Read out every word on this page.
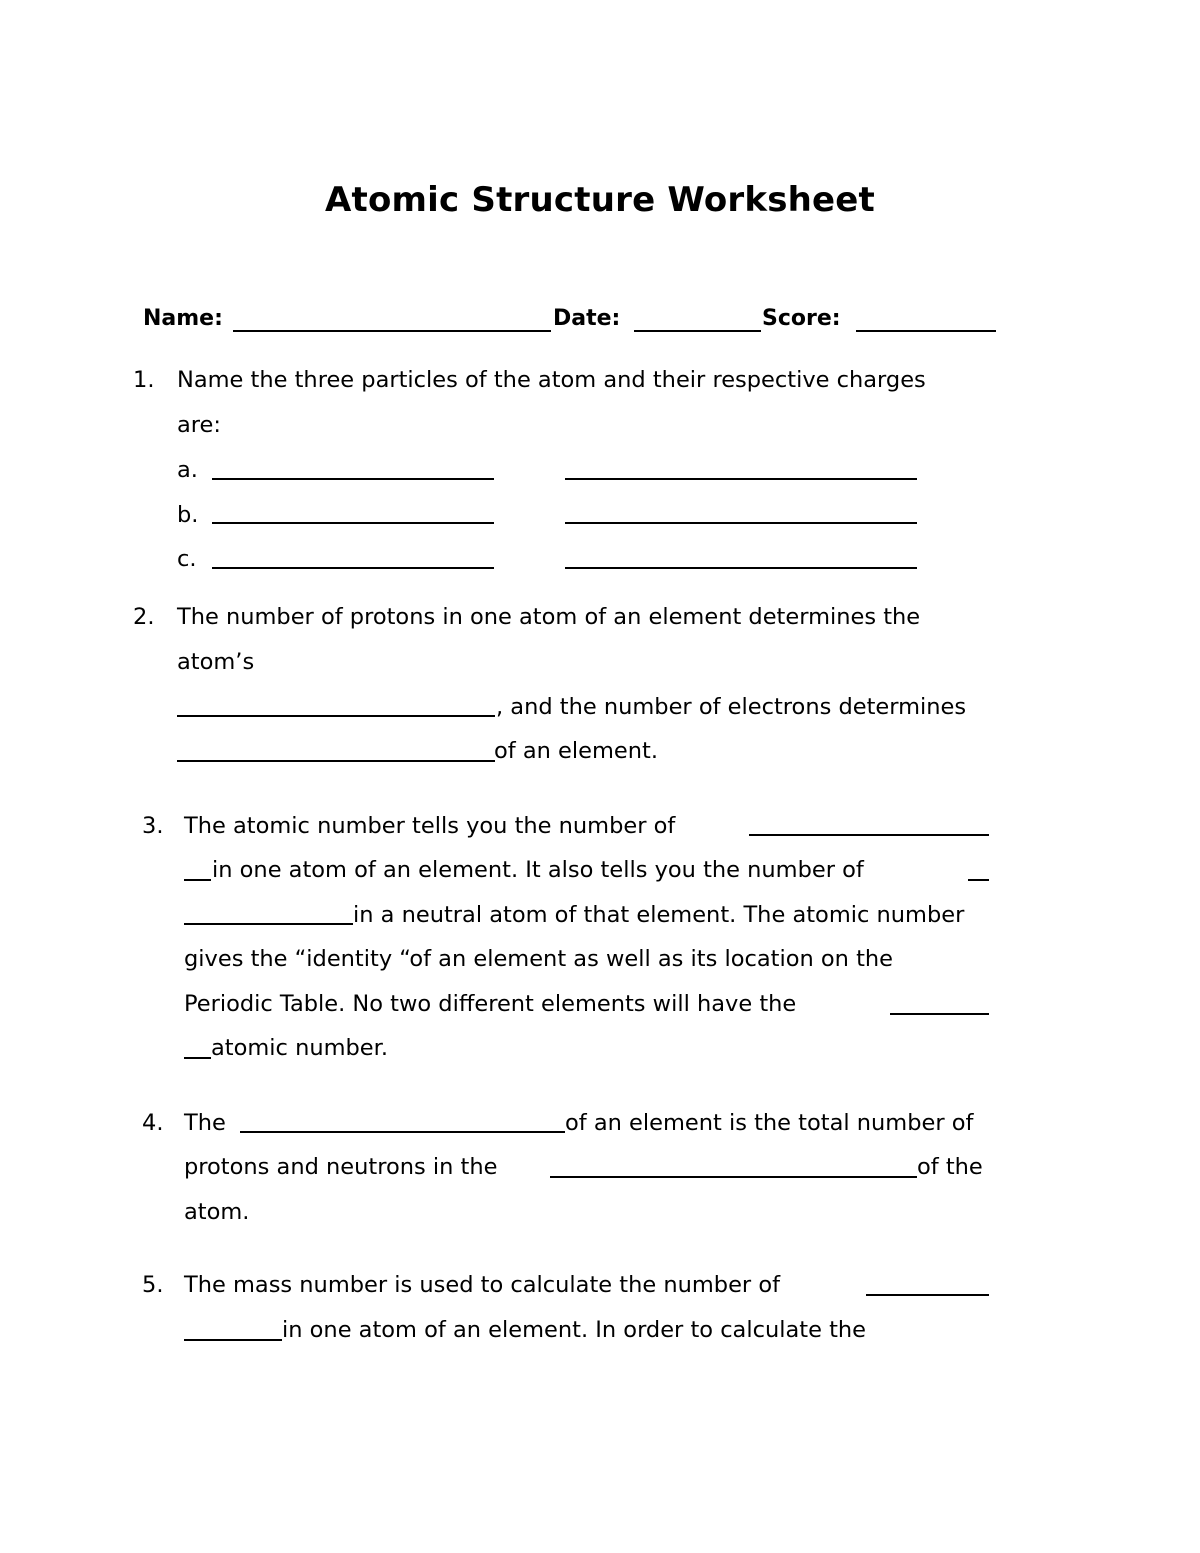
Atomic Structure Worksheet
Name:	Date:	Score:
1. Name the three particles of the atom and their respective charges
are:
a.
b.
c.
2. The number of protons in one atom of an element determines the
atom’s
, and the number of electrons determines
of an element.
3. The atomic number tells you the number of
in one atom of an element. It also tells you the number of
in a neutral atom of that element. The atomic number
gives the “identity “of an element as well as its location on the
Periodic Table. No two different elements will have the
atomic number.
4. The	of an element is the total number of
protons and neutrons in the	of the
atom.
5. The mass number is used to calculate the number of
in one atom of an element. In order to calculate the
